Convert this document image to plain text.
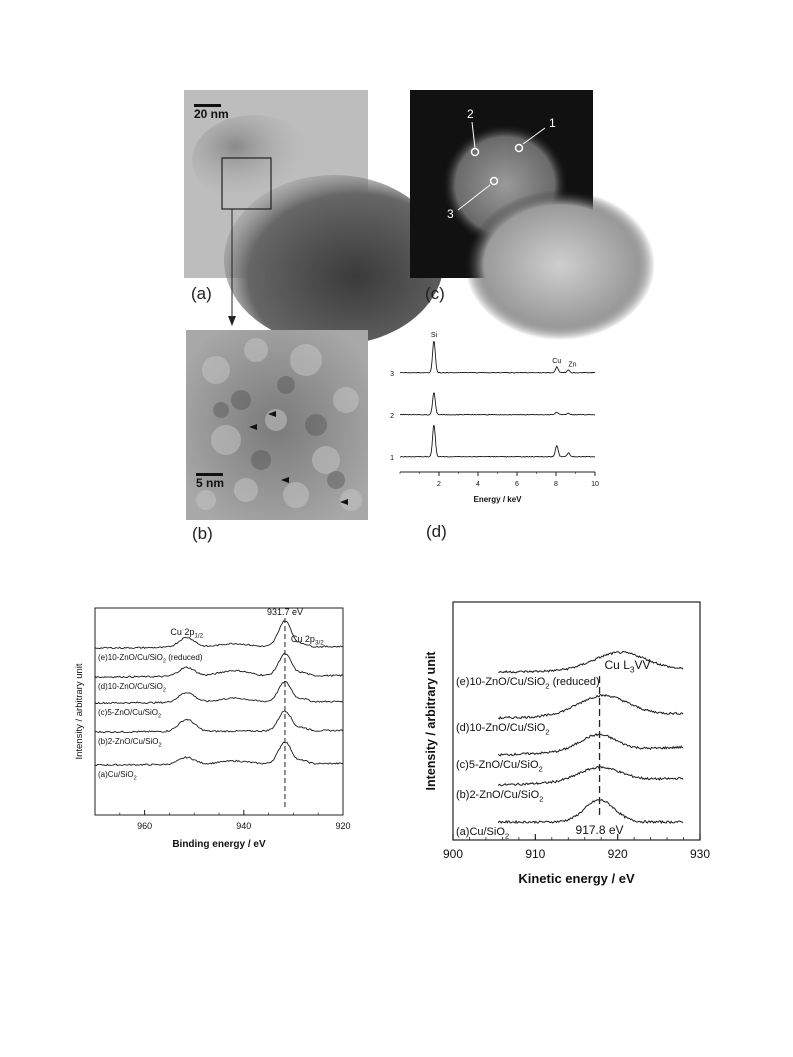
20 nm
(a)
5 nm
(b)
2
1
3
(c)
2	4	6	8	10
Energy / keV
1
2
3
Si
Cu Zn
(d)
960	940	920
Binding energy / eV
Intensity / arbitrary unit
(a)Cu/SiO$_2$
(b)2-ZnO/Cu/SiO$_2$
(c)5-ZnO/Cu/SiO$_2$
(d)10-ZnO/Cu/SiO$_2$
(e)10-ZnO/Cu/SiO$_2$ (reduced)
931.7 eV
Cu $2p_{1/2}$	Cu $2p_{3/2}$
900	910	920	930
Kinetic energy / eV
Intensity / arbitrary unit
(a)Cu/SiO$_2$
(b)2-ZnO/Cu/SiO$_2$
(c)5-ZnO/Cu/SiO$_2$
(d)10-ZnO/Cu/SiO$_2$
(e)10-ZnO/Cu/SiO$_2$ (reduced)
917.8 eV
Cu $L_3VV$
